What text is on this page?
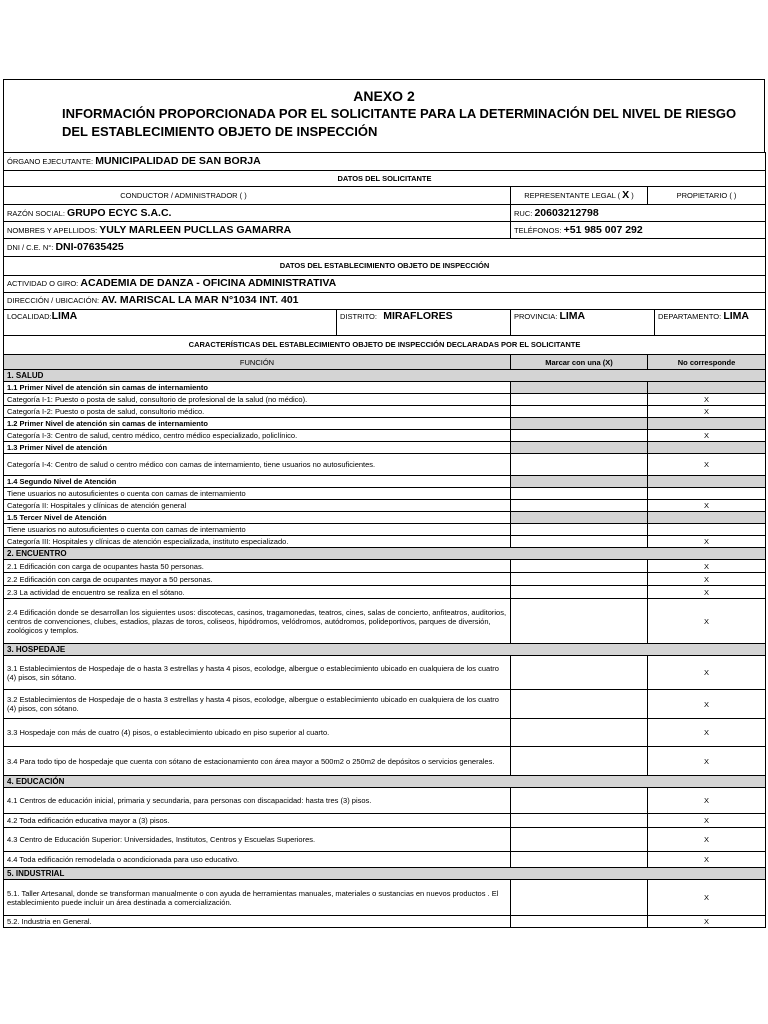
ANEXO 2
INFORMACIÓN PROPORCIONADA POR EL SOLICITANTE PARA LA DETERMINACIÓN DEL NIVEL DE RIESGO DEL ESTABLECIMIENTO OBJETO DE INSPECCIÓN
ÓRGANO EJECUTANTE: MUNICIPALIDAD DE SAN BORJA		
DATOS DEL SOLICITANTE		
CONDUCTOR / ADMINISTRADOR ( )	REPRESENTANTE LEGAL ( X )	PROPIETARIO ( )
RAZÓN SOCIAL: GRUPO ECYC S.A.C.	RUC: 20603212798	
NOMBRES Y APELLIDOS: YULY MARLEEN PUCLLAS GAMARRA	TELÉFONOS: +51 985 007 292	
DNI / C.E. N°: DNI-07635425		
DATOS DEL ESTABLECIMIENTO OBJETO DE INSPECCIÓN
ACTIVIDAD O GIRO: ACADEMIA DE DANZA - OFICINA ADMINISTRATIVA
DIRECCIÓN / UBICACIÓN: AV. MARISCAL LA MAR N°1034 INT. 401
LOCALIDAD:LIMA	DISTRITO: MIRAFLORES	PROVINCIA: LIMA	DEPARTAMENTO: LIMA
CARACTERÍSTICAS DEL ESTABLECIMIENTO OBJETO DE INSPECCIÓN DECLARADAS POR EL SOLICITANTE		
FUNCIÓN	Marcar con una (X)	No corresponde
1. SALUD		
1.1 Primer Nivel de atención sin camas de internamiento		
Categoría I-1: Puesto o posta de salud, consultorio de profesional de la salud (no médico).		X
Categoría I-2: Puesto o posta de salud, consultorio médico.		X
1.2 Primer Nivel de atención sin camas de internamiento		
Categoría I-3: Centro de salud, centro médico, centro médico especializado, policlínico.		X
1.3 Primer Nivel de atención		
Categoría I-4: Centro de salud o centro médico con camas de internamiento, tiene usuarios no autosuficientes.		X
1.4 Segundo Nivel de Atención		
Tiene usuarios no autosuficientes o cuenta con camas de internamiento		
Categoría II: Hospitales y clínicas de atención general		X
1.5 Tercer Nivel de Atención		
Tiene usuarios no autosuficientes o cuenta con camas de internamiento		
Categoría III: Hospitales y clínicas de atención especializada, instituto especializado.		X
2. ENCUENTRO		
2.1 Edificación con carga de ocupantes hasta 50 personas.		X
2.2 Edificación con carga de ocupantes mayor a 50 personas.		X
2.3 La actividad de encuentro se realiza en el sótano.		X
2.4 Edificación donde se desarrollan los siguientes usos: discotecas, casinos, tragamonedas, teatros, cines, salas de concierto, anfiteatros, auditorios, centros de convenciones, clubes, estadios, plazas de toros, coliseos, hipódromos, velódromos, autódromos, polideportivos, parques de diversión, zoológicos y templos.		X
3. HOSPEDAJE		
3.1 Establecimientos de Hospedaje de o hasta 3 estrellas y hasta 4 pisos, ecolodge, albergue o establecimiento ubicado en cualquiera de los cuatro (4) pisos, sin sótano.		X
3.2 Establecimientos de Hospedaje de o hasta 3 estrellas y hasta 4 pisos, ecolodge, albergue o establecimiento ubicado en cualquiera de los cuatro (4) pisos, con sótano.		X
3.3 Hospedaje con más de cuatro (4) pisos, o establecimiento ubicado en piso superior al cuarto.		X
3.4 Para todo tipo de hospedaje que cuenta con sótano de estacionamiento con área mayor a 500m2 o 250m2 de depósitos o servicios generales.		X
4. EDUCACIÓN		
4.1 Centros de educación inicial, primaria y secundaria, para personas con discapacidad: hasta tres (3) pisos.		X
4.2 Toda edificación educativa mayor a (3) pisos.		X
4.3 Centro de Educación Superior: Universidades, Institutos, Centros y Escuelas Superiores.		X
4.4 Toda edificación remodelada o acondicionada para uso educativo.		X
5. INDUSTRIAL		
5.1. Taller Artesanal, donde se transforman manualmente o con ayuda de herramientas manuales, materiales o sustancias en nuevos productos . El establecimiento puede incluir un área destinada a comercialización.		X
5.2. Industria en General.		X
